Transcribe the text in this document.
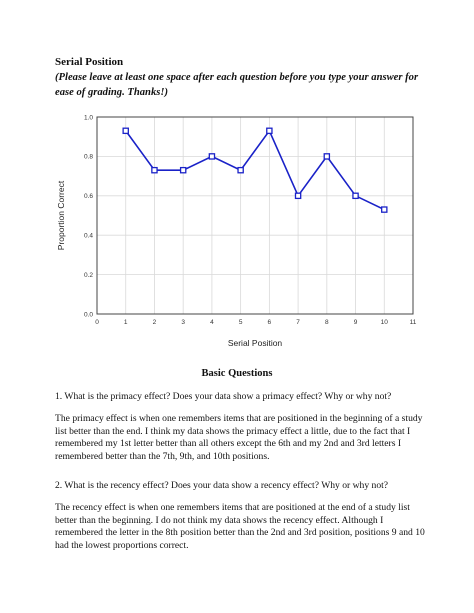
Serial Position
(Please leave at least one space after each question before you type your answer for ease of grading. Thanks!)
0	1	2	3	4	5	6	7	8	9	10	11
0.0
0.2
0.4
0.6
0.8
1.0
Serial Position
Proportion Correct
Basic Questions
1. What is the primacy effect? Does your data show a primacy effect? Why or why not?
The primacy effect is when one remembers items that are positioned in the beginning of a study list better than the end. I think my data shows the primacy effect a little, due to the fact that I remembered my 1st letter better than all others except the 6th and my 2nd and 3rd letters I remembered better than the 7th, 9th, and 10th positions.
2. What is the recency effect? Does your data show a recency effect? Why or why not?
The recency effect is when one remembers items that are positioned at the end of a study list better than the beginning. I do not think my data shows the recency effect. Although I remembered the letter in the 8th position better than the 2nd and 3rd position, positions 9 and 10 had the lowest proportions correct.
